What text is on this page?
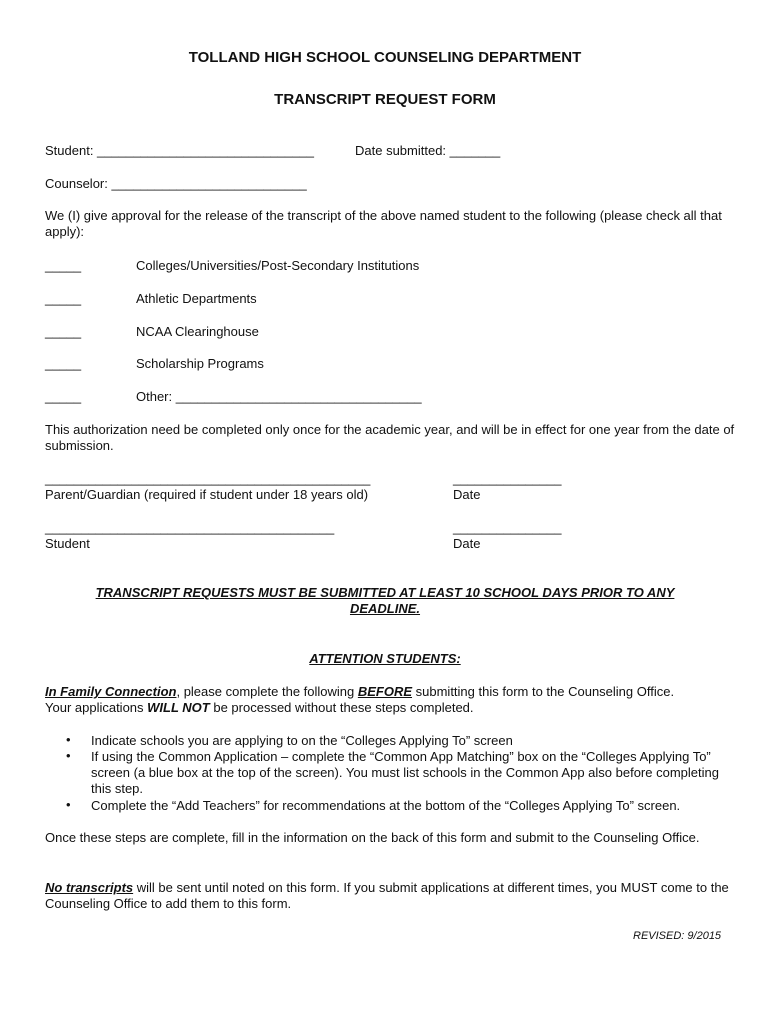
TOLLAND HIGH SCHOOL COUNSELING DEPARTMENT
TRANSCRIPT REQUEST FORM
Student: ______________________________	Date submitted: _______
Counselor: ___________________________
We (I) give approval for the release of the transcript of the above named student to the following (please check all that apply):
_____	Colleges/Universities/Post-Secondary Institutions
_____	Athletic Departments
_____	NCAA Clearinghouse
_____	Scholarship Programs
_____	Other: __________________________________
This authorization need be completed only once for the academic year, and will be in effect for one year from the date of submission.
_____________________________________________
Parent/Guardian (required if student under 18 years old)
_______________
Date
________________________________________
Student
_______________
Date
TRANSCRIPT REQUESTS MUST BE SUBMITTED AT LEAST 10 SCHOOL DAYS PRIOR TO ANY
DEADLINE.
ATTENTION STUDENTS:
In Family Connection, please complete the following BEFORE submitting this form to the Counseling Office.
Your applications WILL NOT be processed without these steps completed.
• Indicate schools you are applying to on the “Colleges Applying To” screen
• If using the Common Application – complete the “Common App Matching” box on the “Colleges Applying To” screen (a blue box at the top of the screen). You must list schools in the Common App also before completing this step.
• Complete the “Add Teachers” for recommendations at the bottom of the “Colleges Applying To” screen.
Once these steps are complete, fill in the information on the back of this form and submit to the Counseling Office.
No transcripts will be sent until noted on this form. If you submit applications at different times, you MUST come to the Counseling Office to add them to this form.
REVISED: 9/2015
